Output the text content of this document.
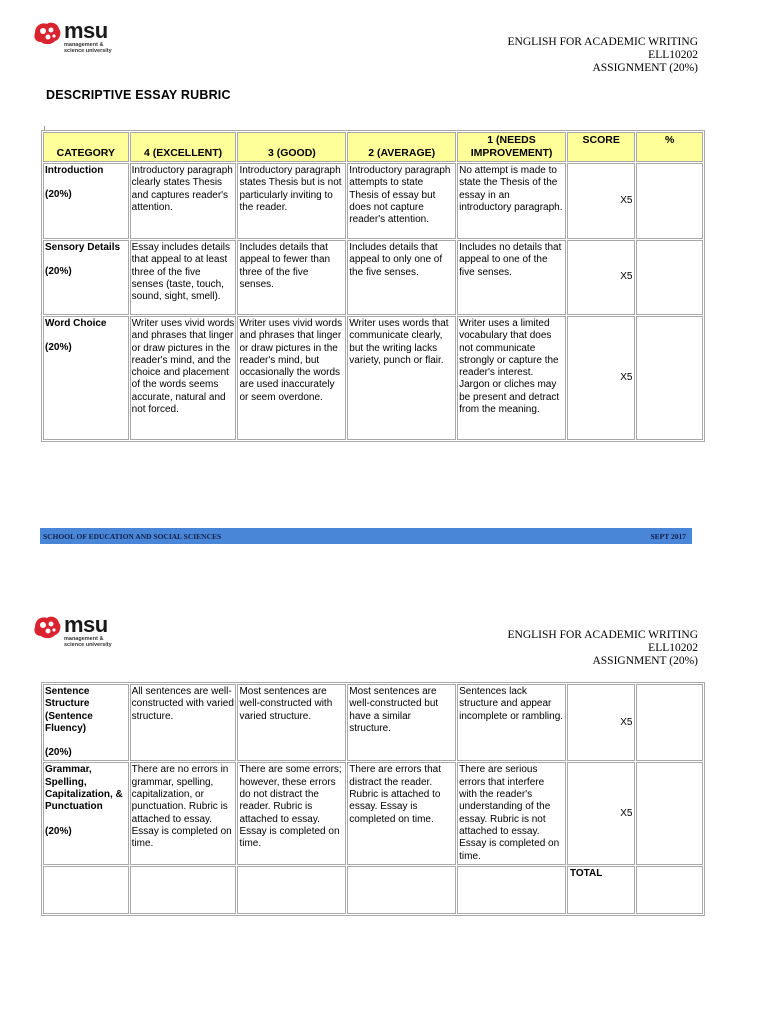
msu
management &
science university
ENGLISH FOR ACADEMIC WRITING
ELL10202
ASSIGNMENT (20%)
DESCRIPTIVE ESSAY RUBRIC
CATEGORY	4 (EXCELLENT)	3 (GOOD)	2 (AVERAGE)	1 (NEEDS IMPROVEMENT)	SCORE	%
Introduction
(20%)	Introductory paragraph clearly states Thesis and captures reader's attention.	Introductory paragraph states Thesis but is not particularly inviting to the reader.	Introductory paragraph attempts to state Thesis of essay but does not capture reader's attention.	No attempt is made to state the Thesis of the essay in an introductory paragraph.	X5	
Sensory Details
(20%)	Essay includes details that appeal to at least three of the five senses (taste, touch, sound, sight, smell).	Includes details that appeal to fewer than three of the five senses.	Includes details that appeal to only one of the five senses.	Includes no details that appeal to one of the five senses.	X5	
Word Choice
(20%)	Writer uses vivid words and phrases that linger or draw pictures in the reader's mind, and the choice and placement of the words seems accurate, natural and not forced.	Writer uses vivid words and phrases that linger or draw pictures in the reader's mind, but occasionally the words are used inaccurately or seem overdone.	Writer uses words that communicate clearly, but the writing lacks variety, punch or flair.	Writer uses a limited vocabulary that does not communicate strongly or capture the reader's interest. Jargon or cliches may be present and detract from the meaning.	X5	
SCHOOL OF EDUCATION AND SOCIAL SCIENCES	SEPT 2017
msu
management &
science university
ENGLISH FOR ACADEMIC WRITING
ELL10202
ASSIGNMENT (20%)
Sentence Structure (Sentence Fluency)
(20%)	All sentences are well-constructed with varied structure.	Most sentences are well-constructed with varied structure.	Most sentences are well-constructed but have a similar structure.	Sentences lack structure and appear incomplete or rambling.	X5	
Grammar, Spelling, Capitalization, & Punctuation
(20%)	There are no errors in grammar, spelling, capitalization, or punctuation. Rubric is attached to essay. Essay is completed on time.	There are some errors; however, these errors do not distract the reader. Rubric is attached to essay. Essay is completed on time.	There are errors that distract the reader. Rubric is attached to essay. Essay is completed on time.	There are serious errors that interfere with the reader's understanding of the essay. Rubric is not attached to essay. Essay is completed on time.	X5	
					TOTAL	
